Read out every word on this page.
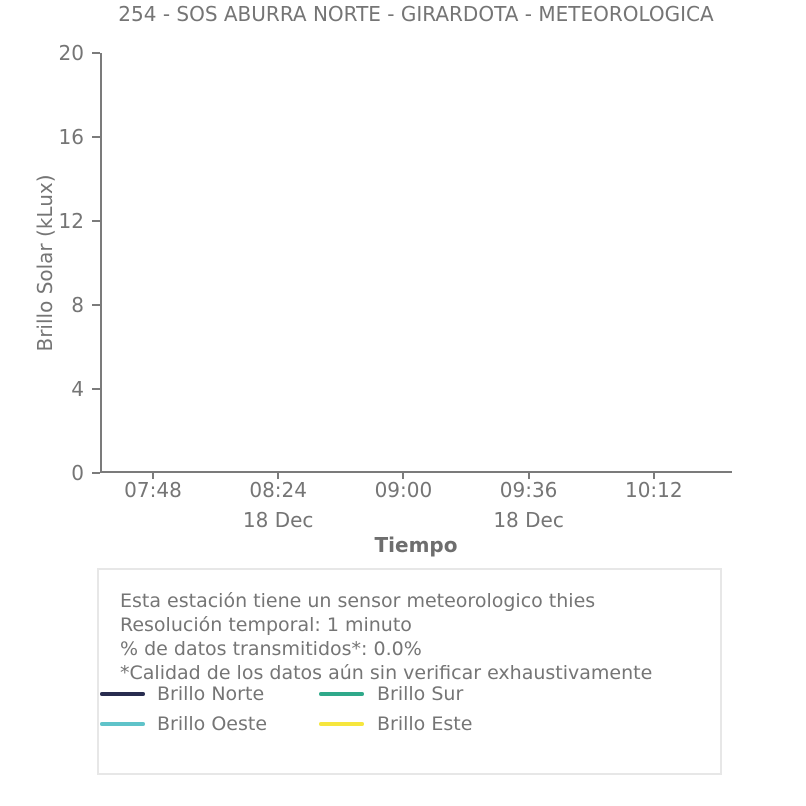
254 - SOS ABURRA NORTE - GIRARDOTA - METEOROLOGICA
Brillo Solar (kLux)
0
4
8
12
16
20
07:48	08:24
18 Dec
09:00	09:36
18 Dec
10:12
Tiempo
Esta estación tiene un sensor meteorologico thies
Resolución temporal: 1 minuto
% de datos transmitidos*: 0.0%
*Calidad de los datos aún sin verificar exhaustivamente
Brillo Norte	Brillo Sur
Brillo Oeste	Brillo Este
